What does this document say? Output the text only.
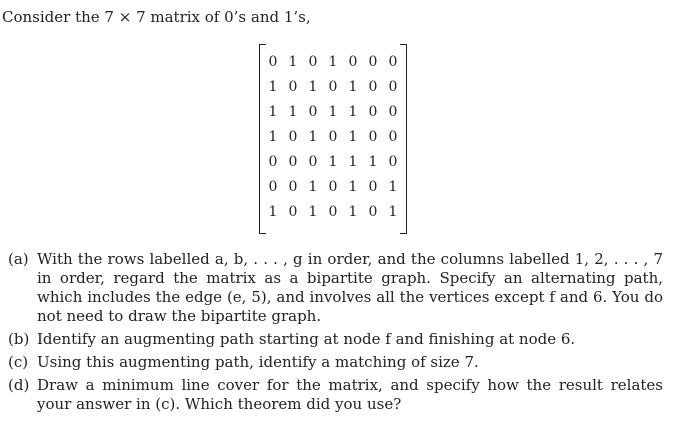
Consider the 7 × 7 matrix of 0’s and 1’s,
0	1	0	1	0	0	0
1	0	1	0	1	0	0
1	1	0	1	1	0	0
1	0	1	0	1	0	0
0	0	0	1	1	1	0
0	0	1	0	1	0	1
1	0	1	0	1	0	1
(a) With the rows labelled a, b, . . . , g in order, and the columns labelled 1, 2, . . . , 7 in order, regard the matrix as a bipartite graph. Specify an alternating path, which includes the edge (e, 5), and involves all the vertices except f and 6. You do not need to draw the bipartite graph.
(b) Identify an augmenting path starting at node f and finishing at node 6.
(c) Using this augmenting path, identify a matching of size 7.
(d) Draw a minimum line cover for the matrix, and specify how the result relates your answer in (c). Which theorem did you use?
